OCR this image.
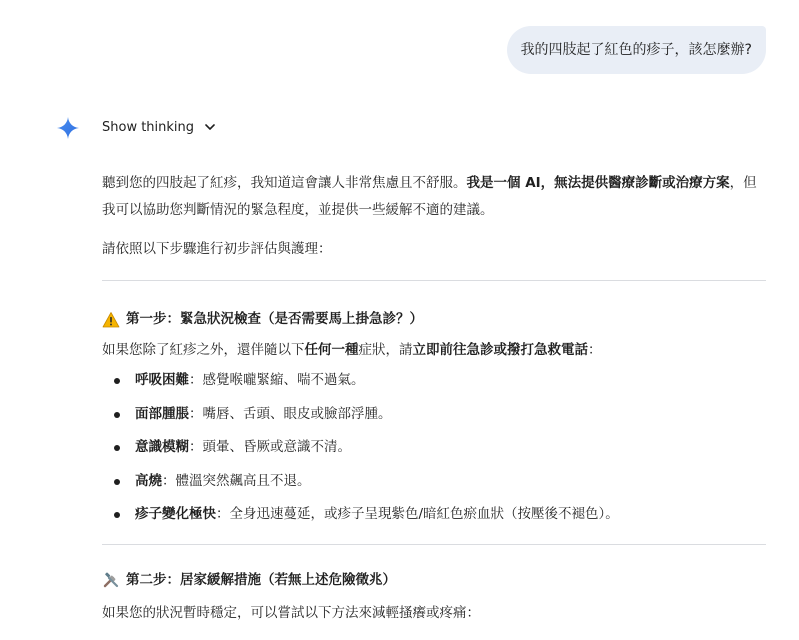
我的四肢起了紅色的疹子，該怎麼辦?
Show thinking

聽到您的四肢起了紅疹，我知道這會讓人非常焦慮且不舒服。我是一個 AI，無法提供醫療診斷或治療方案，但我可以協助您判斷情況的緊急程度，並提供一些緩解不適的建議。

請依照以下步驟進行初步評估與護理：

第一步：緊急狀況檢查（是否需要馬上掛急診？）

如果您除了紅疹之外，還伴隨以下任何一種症狀，請立即前往急診或撥打急救電話：

呼吸困難：感覺喉嚨緊縮、喘不過氣。
面部腫脹：嘴唇、舌頭、眼皮或臉部浮腫。
意識模糊：頭暈、昏厥或意識不清。
高燒：體溫突然飆高且不退。
疹子變化極快：全身迅速蔓延，或疹子呈現紫色/暗紅色瘀血狀（按壓後不褪色）。
第二步：居家緩解措施（若無上述危險徵兆）

如果您的狀況暫時穩定，可以嘗試以下方法來減輕搔癢或疼痛：
